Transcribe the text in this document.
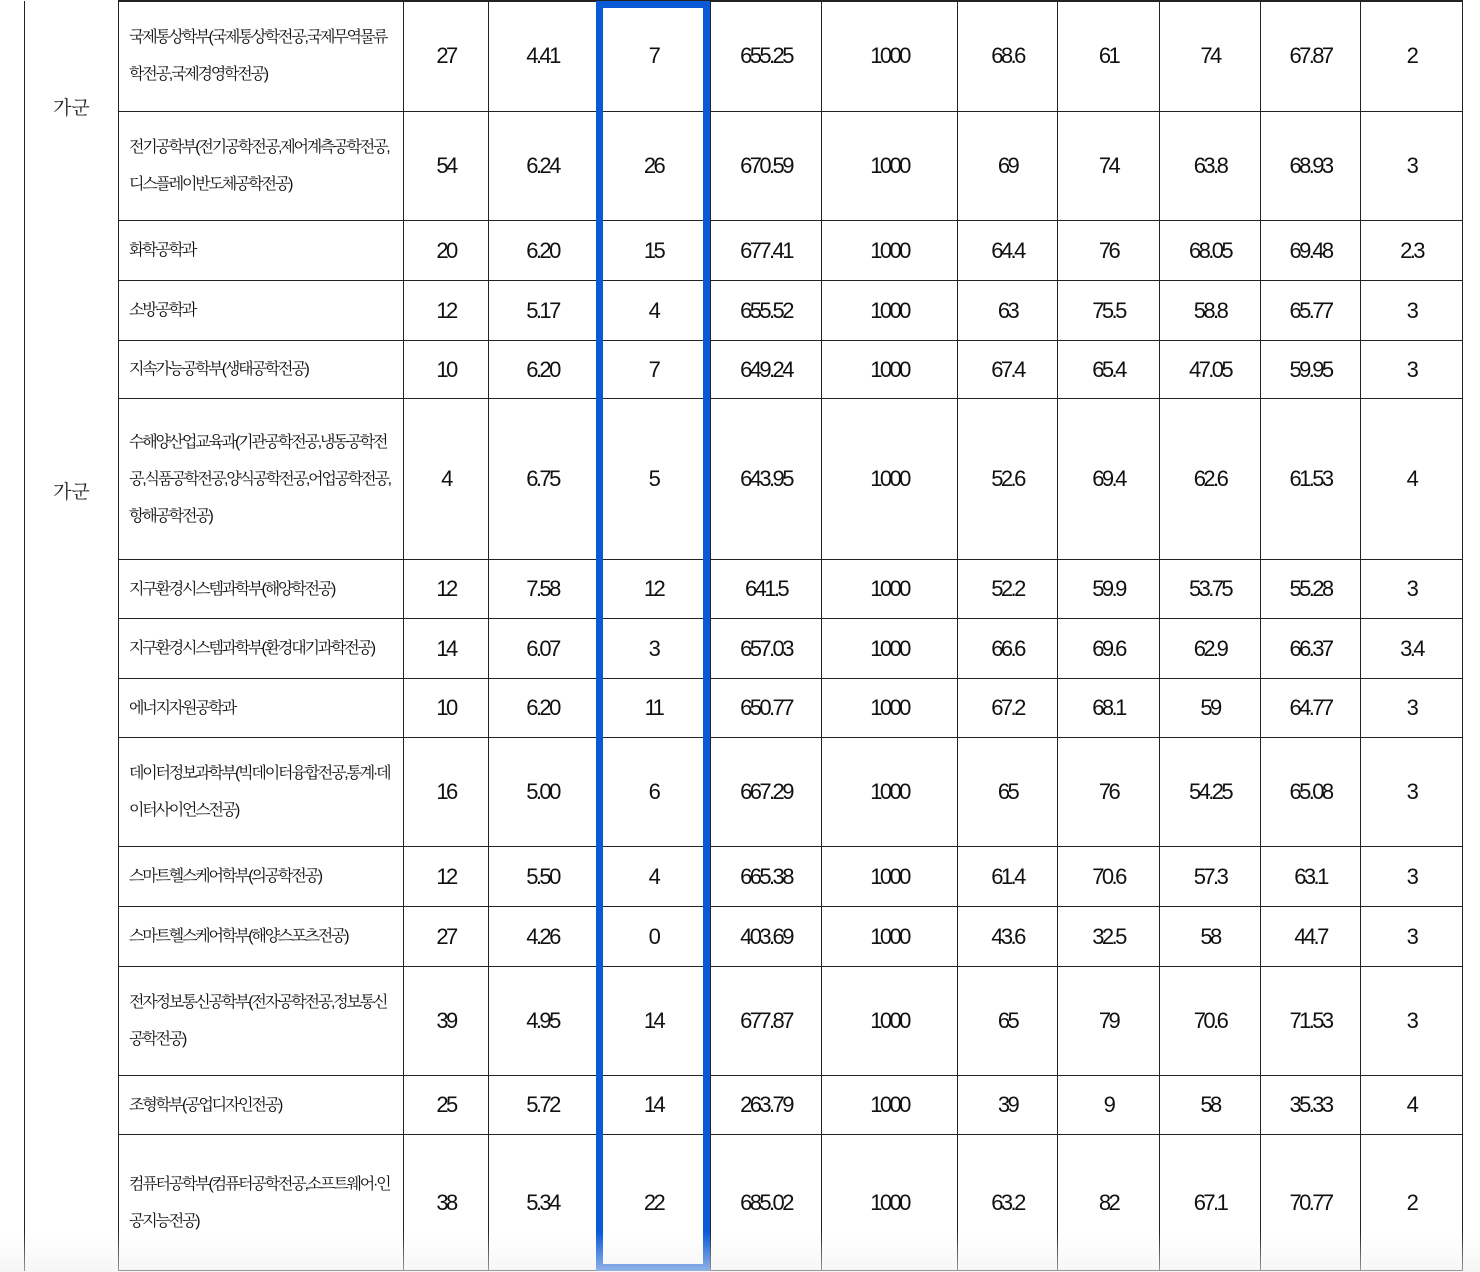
가군
가군	국제통상학부(국제통상학전공,국제무역물류학전공,국제경영학전공)	27	4.41	7	655.25	1000	68.6	61	74	67.87	2
	전기공학부(전기공학전공,제어계측공학전공,디스플레이반도체공학전공)	54	6.24	26	670.59	1000	69	74	63.8	68.93	3
	화학공학과	20	6.20	15	677.41	1000	64.4	76	68.05	69.48	2.3
	소방공학과	12	5.17	4	655.52	1000	63	75.5	58.8	65.77	3
	지속가능공학부(생태공학전공)	10	6.20	7	649.24	1000	67.4	65.4	47.05	59.95	3
	수해양산업교육과(기관공학전공,냉동공학전공,식품공학전공,양식공학전공,어업공학전공,항해공학전공)	4	6.75	5	643.95	1000	52.6	69.4	62.6	61.53	4
	지구환경시스템과학부(해양학전공)	12	7.58	12	641.5	1000	52.2	59.9	53.75	55.28	3
	지구환경시스템과학부(환경대기과학전공)	14	6.07	3	657.03	1000	66.6	69.6	62.9	66.37	3.4
	에너지자원공학과	10	6.20	11	650.77	1000	67.2	68.1	59	64.77	3
	데이터정보과학부(빅데이터융합전공,통계·데이터사이언스전공)	16	5.00	6	667.29	1000	65	76	54.25	65.08	3
	스마트헬스케어학부(의공학전공)	12	5.50	4	665.38	1000	61.4	70.6	57.3	63.1	3
	스마트헬스케어학부(해양스포츠전공)	27	4.26	0	403.69	1000	43.6	32.5	58	44.7	3
	전자정보통신공학부(전자공학전공,정보통신공학전공)	39	4.95	14	677.87	1000	65	79	70.6	71.53	3
	조형학부(공업디자인전공)	25	5.72	14	263.79	1000	39	9	58	35.33	4
	컴퓨터공학부(컴퓨터공학전공,소프트웨어·인공지능전공)	38	5.34	22	685.02	1000	63.2	82	67.1	70.77	2
